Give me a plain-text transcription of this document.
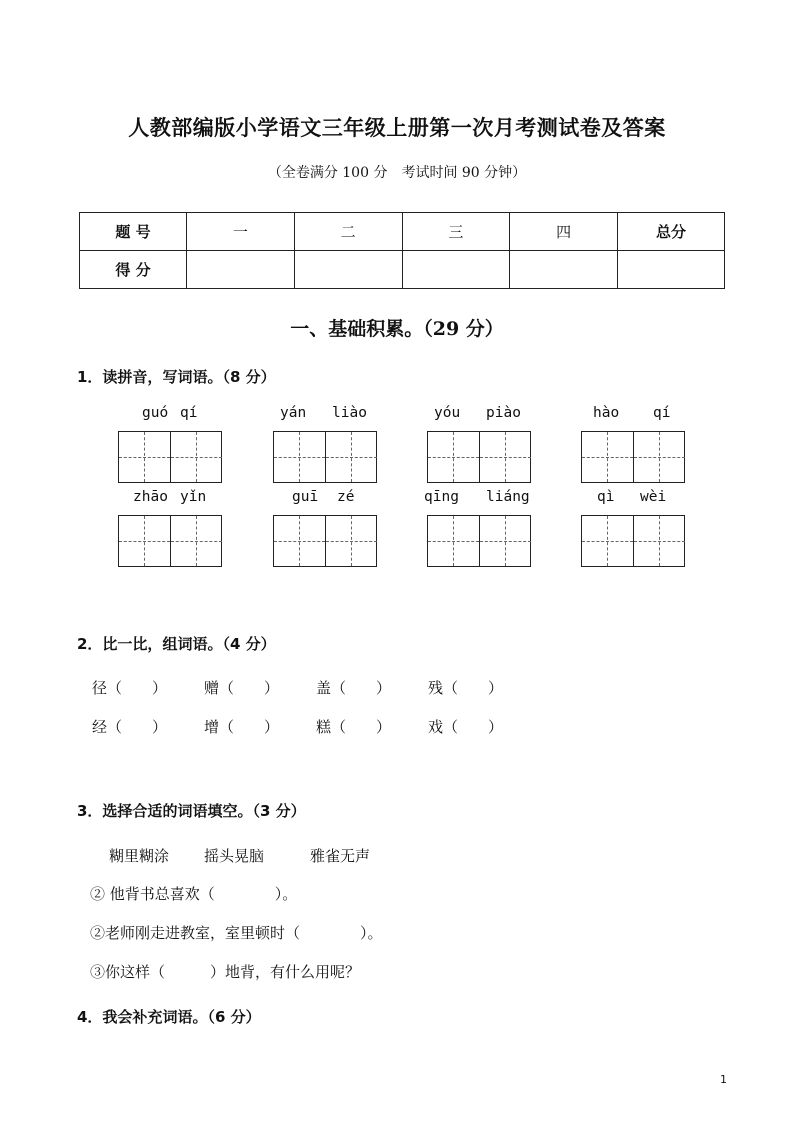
人教部编版小学语文三年级上册第一次月考测试卷及答案
（全卷满分 100 分　考试时间 90 分钟）
题 号	一	二	三	四	总分
得 分					
一、基础积累。（29 分）
1．读拼音，写词语。（8 分）
guó qí	yán liào	yóu piào	hào qí
zhāo yǐn	guī zé	qīng liáng	qì wèi
2．比一比，组词语。（4 分）
径（　　） 赠（　　） 盖（　　） 残（　　）
经（　　） 增（　　） 糕（　　） 戏（　　）
3．选择合适的词语填空。（3 分）
糊里糊涂 摇头晃脑	雅雀无声
② 他背书总喜欢（　　　　）。
②老师刚走进教室，室里顿时（　　　　）。
③你这样（　　　）地背，有什么用呢？
4．我会补充词语。（6 分）
1
